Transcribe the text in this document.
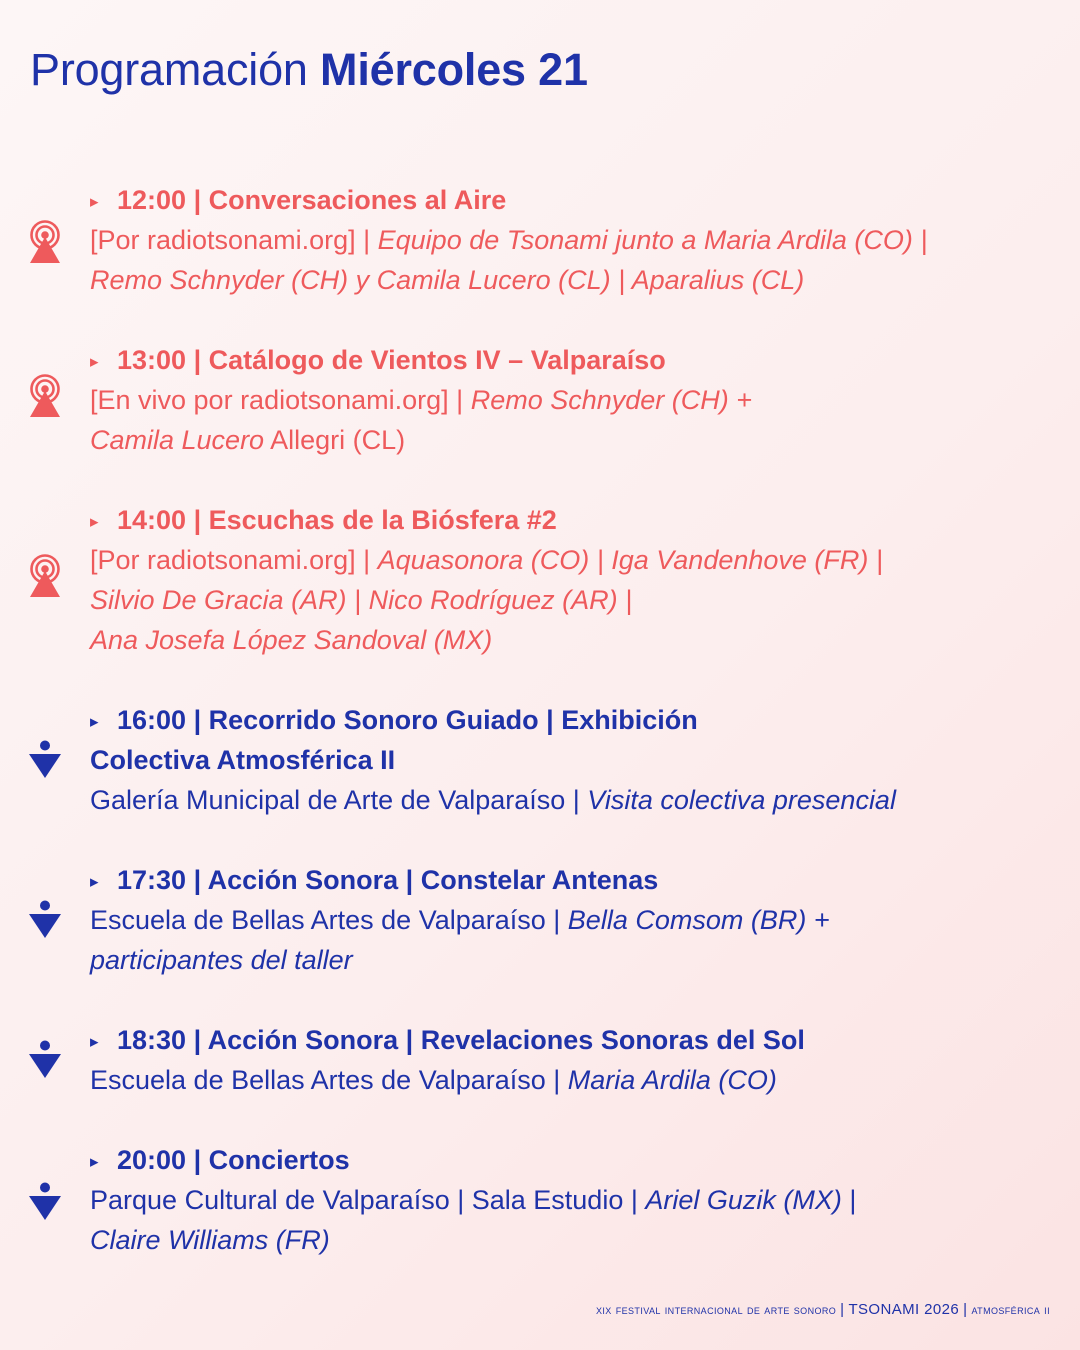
Programación Miércoles 21
▸ 12:00 | Conversaciones al Aire
[Por radiotsonami.org] | Equipo de Tsonami junto a Maria Ardila (CO) |
Remo Schnyder (CH) y Camila Lucero (CL) | Aparalius (CL)
▸ 13:00 | Catálogo de Vientos IV – Valparaíso
[En vivo por radiotsonami.org] | Remo Schnyder (CH) +
Camila Lucero Allegri (CL)
▸ 14:00 | Escuchas de la Biósfera #2
[Por radiotsonami.org] | Aquasonora (CO) | Iga Vandenhove (FR) |
Silvio De Gracia (AR) | Nico Rodríguez (AR) |
Ana Josefa López Sandoval (MX)
▸ 16:00 | Recorrido Sonoro Guiado | Exhibición
Colectiva Atmosférica II
Galería Municipal de Arte de Valparaíso | Visita colectiva presencial
▸ 17:30 | Acción Sonora | Constelar Antenas
Escuela de Bellas Artes de Valparaíso | Bella Comsom (BR) +
participantes del taller
▸ 18:30 | Acción Sonora | Revelaciones Sonoras del Sol
Escuela de Bellas Artes de Valparaíso | Maria Ardila (CO)
▸ 20:00 | Conciertos
Parque Cultural de Valparaíso | Sala Estudio | Ariel Guzik (MX) |
Claire Williams (FR)
xix festival internacional de arte sonoro | TSONAMI 2026 | atmosférica ii
